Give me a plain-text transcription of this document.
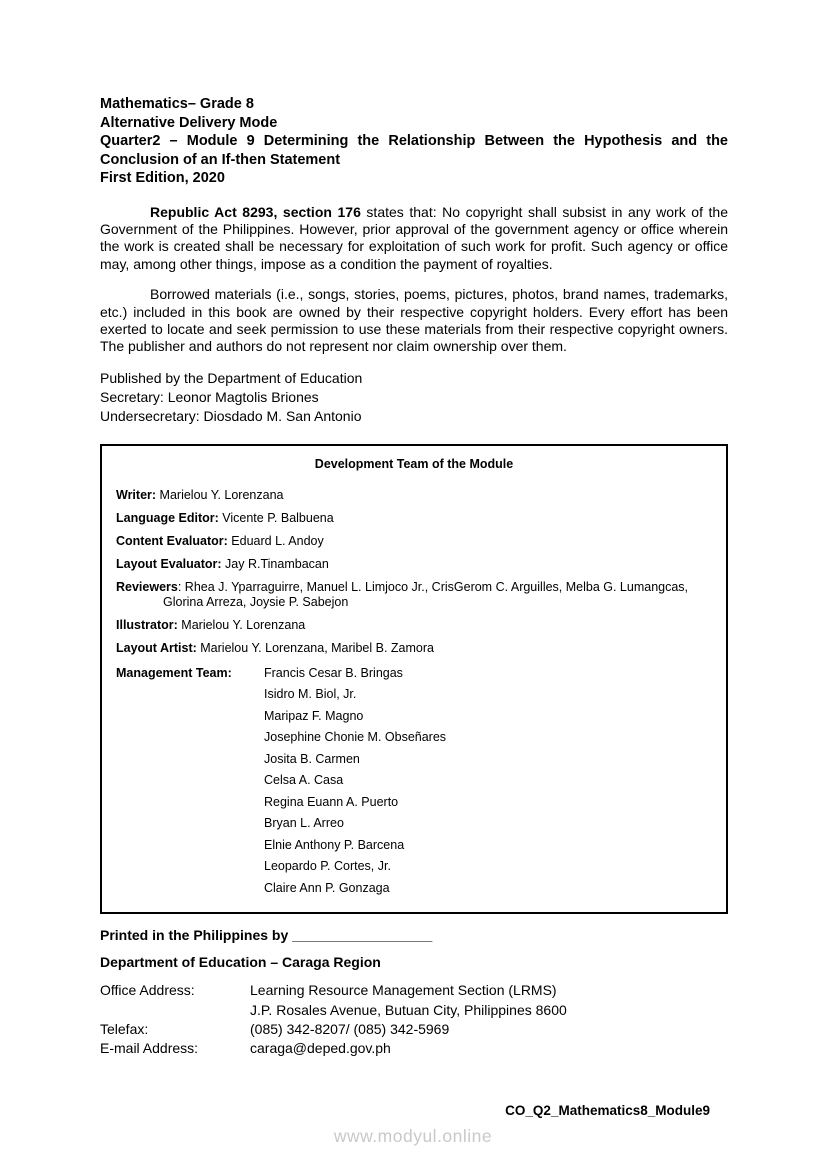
Mathematics– Grade 8
Alternative Delivery Mode
Quarter2 – Module 9 Determining the Relationship Between the Hypothesis and the Conclusion of an If-then Statement
First Edition, 2020

Republic Act 8293, section 176 states that: No copyright shall subsist in any work of the Government of the Philippines. However, prior approval of the government agency or office wherein the work is created shall be necessary for exploitation of such work for profit. Such agency or office may, among other things, impose as a condition the payment of royalties.

Borrowed materials (i.e., songs, stories, poems, pictures, photos, brand names, trademarks, etc.) included in this book are owned by their respective copyright holders. Every effort has been exerted to locate and seek permission to use these materials from their respective copyright owners. The publisher and authors do not represent nor claim ownership over them.

Published by the Department of Education
Secretary: Leonor Magtolis Briones
Undersecretary: Diosdado M. San Antonio
Development Team of the Module
Writer: Marielou Y. Lorenzana
Language Editor: Vicente P. Balbuena
Content Evaluator: Eduard L. Andoy
Layout Evaluator: Jay R.Tinambacan
Reviewers: Rhea J. Yparraguirre, Manuel L. Limjoco Jr., CrisGerom C. Arguilles, Melba G. Lumangcas, Glorina Arreza, Joysie P. Sabejon
Illustrator: Marielou Y. Lorenzana
Layout Artist: Marielou Y. Lorenzana, Maribel B. Zamora
Management Team:	Francis Cesar B. Bringas
Isidro M. Biol, Jr.
Maripaz F. Magno
Josephine Chonie M. Obseñares
Josita B. Carmen
Celsa A. Casa
Regina Euann A. Puerto
Bryan L. Arreo
Elnie Anthony P. Barcena
Leopardo P. Cortes, Jr.
Claire Ann P. Gonzaga
Printed in the Philippines by __________________
Department of Education – Caraga Region
Office Address:	Learning Resource Management Section (LRMS)
J.P. Rosales Avenue, Butuan City, Philippines 8600
Telefax:	(085) 342-8207/ (085) 342-5969
E-mail Address:	caraga@deped.gov.ph
CO_Q2_Mathematics8_Module9
www.modyul.online
